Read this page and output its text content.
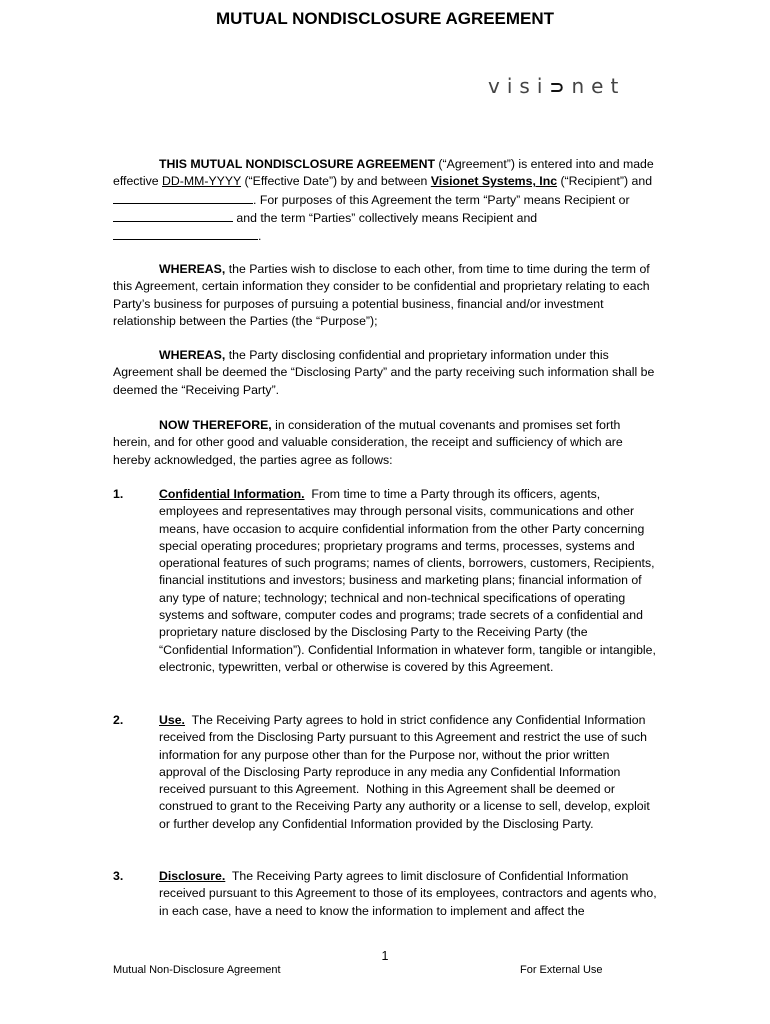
MUTUAL NONDISCLOSURE AGREEMENT
visi⊃net
THIS MUTUAL NONDISCLOSURE AGREEMENT (“Agreement”) is entered into and made effective DD-MM-YYYY (“Effective Date”) by and between Visionet Systems, Inc (“Recipient”) and . For purposes of this Agreement the term “Party” means Recipient or  and the term “Parties” collectively means Recipient and
.
WHEREAS, the Parties wish to disclose to each other, from time to time during the term of this Agreement, certain information they consider to be confidential and proprietary relating to each Party’s business for purposes of pursuing a potential business, financial and/or investment relationship between the Parties (the “Purpose”);
WHEREAS, the Party disclosing confidential and proprietary information under this Agreement shall be deemed the “Disclosing Party” and the party receiving such information shall be deemed the “Receiving Party”.
NOW THEREFORE, in consideration of the mutual covenants and promises set forth herein, and for other good and valuable consideration, the receipt and sufficiency of which are hereby acknowledged, the parties agree as follows:
1.	Confidential Information.  From time to time a Party through its officers, agents, employees and representatives may through personal visits, communications and other means, have occasion to acquire confidential information from the other Party concerning special operating procedures; proprietary programs and terms, processes, systems and operational features of such programs; names of clients, borrowers, customers, Recipients, financial institutions and investors; business and marketing plans; financial information of any type of nature; technology; technical and non-technical specifications of operating systems and software, computer codes and programs; trade secrets of a confidential and proprietary nature disclosed by the Disclosing Party to the Receiving Party (the “Confidential Information”). Confidential Information in whatever form, tangible or intangible, electronic, typewritten, verbal or otherwise is covered by this Agreement.
2.	Use.  The Receiving Party agrees to hold in strict confidence any Confidential Information received from the Disclosing Party pursuant to this Agreement and restrict the use of such information for any purpose other than for the Purpose nor, without the prior written approval of the Disclosing Party reproduce in any media any Confidential Information received pursuant to this Agreement.  Nothing in this Agreement shall be deemed or construed to grant to the Receiving Party any authority or a license to sell, develop, exploit or further develop any Confidential Information provided by the Disclosing Party.
3.	Disclosure.  The Receiving Party agrees to limit disclosure of Confidential Information received pursuant to this Agreement to those of its employees, contractors and agents who, in each case, have a need to know the information to implement and affect the
1
Mutual Non-Disclosure Agreement	For External Use
